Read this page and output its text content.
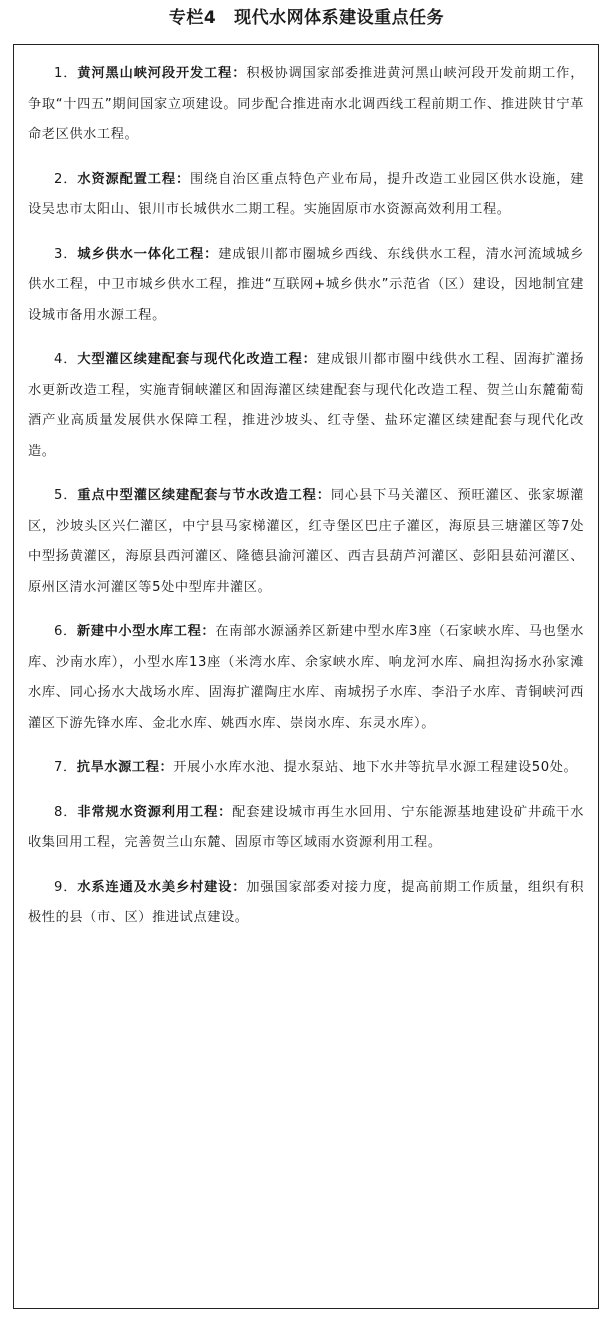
专栏4 现代水网体系建设重点任务

1．黄河黑山峡河段开发工程：积极协调国家部委推进黄河黑山峡河段开发前期工作，争取“十四五”期间国家立项建设。同步配合推进南水北调西线工程前期工作、推进陕甘宁革命老区供水工程。

2．水资源配置工程：围绕自治区重点特色产业布局，提升改造工业园区供水设施，建设吴忠市太阳山、银川市长城供水二期工程。实施固原市水资源高效利用工程。

3．城乡供水一体化工程：建成银川都市圈城乡西线、东线供水工程，清水河流域城乡供水工程，中卫市城乡供水工程，推进“互联网+城乡供水”示范省（区）建设，因地制宜建设城市备用水源工程。

4．大型灌区续建配套与现代化改造工程：建成银川都市圈中线供水工程、固海扩灌扬水更新改造工程，实施青铜峡灌区和固海灌区续建配套与现代化改造工程、贺兰山东麓葡萄酒产业高质量发展供水保障工程，推进沙坡头、红寺堡、盐环定灌区续建配套与现代化改造。

5．重点中型灌区续建配套与节水改造工程：同心县下马关灌区、预旺灌区、张家塬灌区，沙坡头区兴仁灌区，中宁县马家梯灌区，红寺堡区巴庄子灌区，海原县三塘灌区等7处中型扬黄灌区，海原县西河灌区、隆德县渝河灌区、西吉县葫芦河灌区、彭阳县茹河灌区、原州区清水河灌区等5处中型库井灌区。

6．新建中小型水库工程：在南部水源涵养区新建中型水库3座（石家峡水库、马也堡水库、沙南水库），小型水库13座（米湾水库、余家峡水库、响龙河水库、扁担沟扬水孙家滩水库、同心扬水大战场水库、固海扩灌陶庄水库、南城拐子水库、李沿子水库、青铜峡河西灌区下游先锋水库、金北水库、姚西水库、崇岗水库、东灵水库）。

7．抗旱水源工程：开展小水库水池、提水泵站、地下水井等抗旱水源工程建设50处。

8．非常规水资源利用工程：配套建设城市再生水回用、宁东能源基地建设矿井疏干水收集回用工程，完善贺兰山东麓、固原市等区域雨水资源利用工程。

9．水系连通及水美乡村建设：加强国家部委对接力度，提高前期工作质量，组织有积极性的县（市、区）推进试点建设。
